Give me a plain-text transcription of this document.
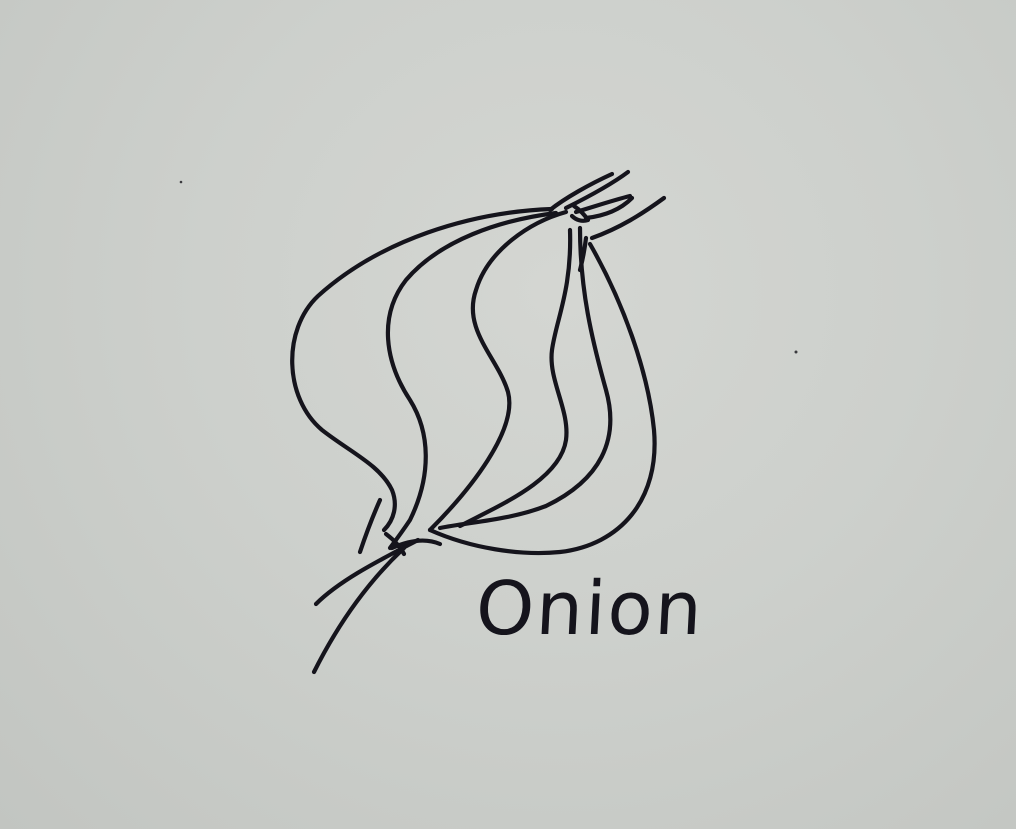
Onion
